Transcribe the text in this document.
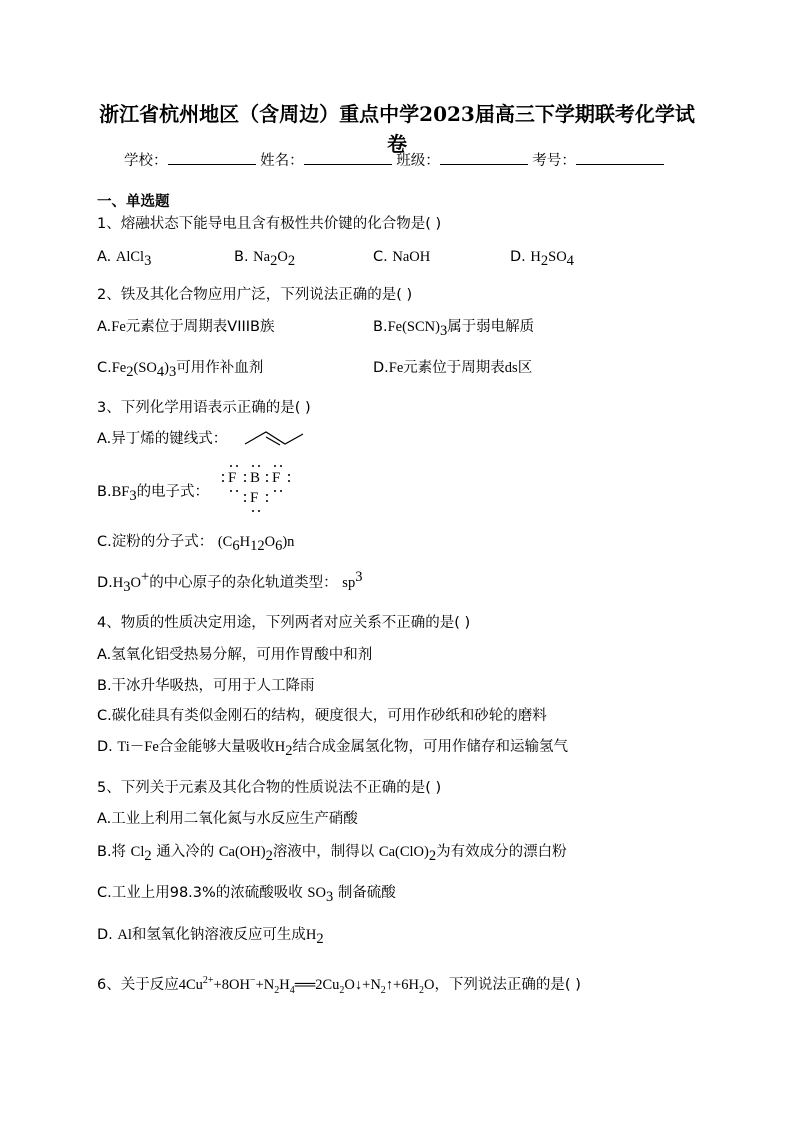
浙江省杭州地区（含周边）重点中学2023届高三下学期联考化学试
卷
学校：	姓名：	班级：	考号：
一、单选题
1、熔融状态下能导电且含有极性共价键的化合物是( )
A. AlCl$_3$	B. $Na_2O_2$	C. NaOH	D. $H_2SO_4$
2、铁及其化合物应用广泛，下列说法正确的是( )
A.Fe元素位于周期表VIIIB族	$B.Fe(SCN)_3$属于弱电解质
$C.Fe_2(SO_4)_3$可用作补血剂	D.Fe元素位于周期表ds区
3、下列化学用语表示正确的是( )
A.异丁烯的键线式：
$B.BF_3$的电子式：
F B F
F
C.淀粉的分子式： $(C_6H_{12}O_6)n$
$D.H_3O^+$的中心原子的杂化轨道类型： $sp^3$
4、物质的性质决定用途，下列两者对应关系不正确的是( )
A.氢氧化铝受热易分解，可用作胃酸中和剂
B.干冰升华吸热，可用于人工降雨
C.碳化硅具有类似金刚石的结构，硬度很大，可用作砂纸和砂轮的磨料
D. Ti－Fe合金能够大量吸收$H_2$结合成金属氢化物，可用作储存和运输氢气
5、下列关于元素及其化合物的性质说法不正确的是( )
A.工业上利用二氧化氮与水反应生产硝酸
B.将 $Cl_2$ 通入冷的 $Ca(OH)_2$溶液中，制得以 $Ca(ClO)_2$为有效成分的漂白粉
C.工业上用98.3%的浓硫酸吸收 $SO_3$ 制备硫酸
D. Al和氢氧化钠溶液反应可生成$H_2$
6、关于反应$4Cu^{2+}+8OH^-+N_2H_4══2Cu_2O↓+N_2↑+6H_2O$，下列说法正确的是( )
